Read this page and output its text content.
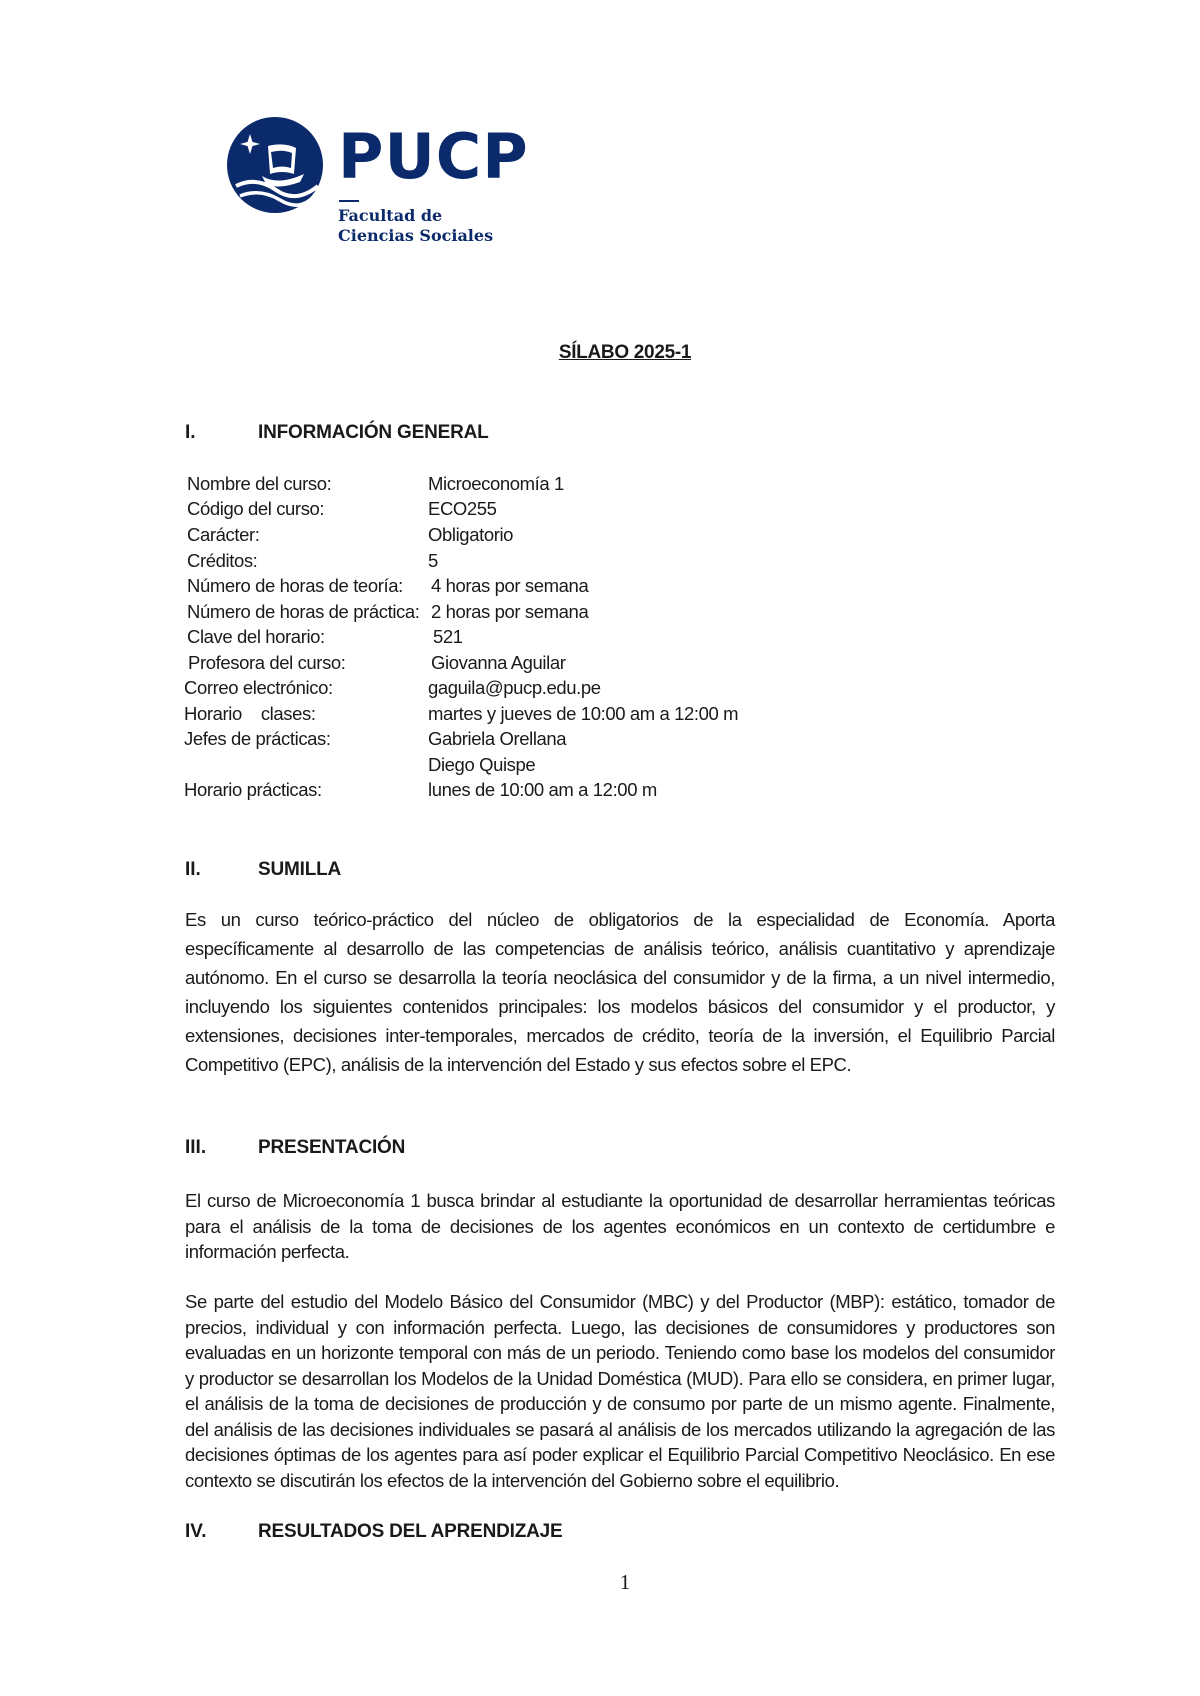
PUCP
Facultad de
Ciencias Sociales
SÍLABO 2025-1
I.	INFORMACIÓN GENERAL
Nombre del curso:	Microeconomía 1
Código del curso:	ECO255
Carácter:	Obligatorio
Créditos:	5
Número de horas de teoría: 4 horas por semana
Número de horas de práctica: 2 horas por semana
Clave del horario:	521
Profesora del curso:	Giovanna Aguilar
Correo electrónico:	gaguila@pucp.edu.pe
Horario    clases:	martes y jueves de 10:00 am a 12:00 m
Jefes de prácticas:	Gabriela Orellana
Diego Quispe
Horario prácticas:	lunes de 10:00 am a 12:00 m
II.	SUMILLA
Es un curso teórico-práctico del núcleo de obligatorios de la especialidad de Economía. Aporta específicamente al desarrollo de las competencias de análisis teórico, análisis cuantitativo y aprendizaje autónomo. En el curso se desarrolla la teoría neoclásica del consumidor y de la firma, a un nivel intermedio, incluyendo los siguientes contenidos principales: los modelos básicos del consumidor y el productor, y extensiones, decisiones inter-temporales, mercados de crédito, teoría de la inversión, el Equilibrio Parcial Competitivo (EPC), análisis de la intervención del Estado y sus efectos sobre el EPC.
III.	PRESENTACIÓN
El curso de Microeconomía 1 busca brindar al estudiante la oportunidad de desarrollar herramientas teóricas para el análisis de la toma de decisiones de los agentes económicos en un contexto de certidumbre e información perfecta.
Se parte del estudio del Modelo Básico del Consumidor (MBC) y del Productor (MBP): estático, tomador de precios, individual y con información perfecta. Luego, las decisiones de consumidores y productores son evaluadas en un horizonte temporal con más de un periodo. Teniendo como base los modelos del consumidor y productor se desarrollan los Modelos de la Unidad Doméstica (MUD). Para ello se considera, en primer lugar, el análisis de la toma de decisiones de producción y de consumo por parte de un mismo agente. Finalmente, del análisis de las decisiones individuales se pasará al análisis de los mercados utilizando la agregación de las decisiones óptimas de los agentes para así poder explicar el Equilibrio Parcial Competitivo Neoclásico. En ese contexto se discutirán los efectos de la intervención del Gobierno sobre el equilibrio.
IV.	RESULTADOS DEL APRENDIZAJE
1
